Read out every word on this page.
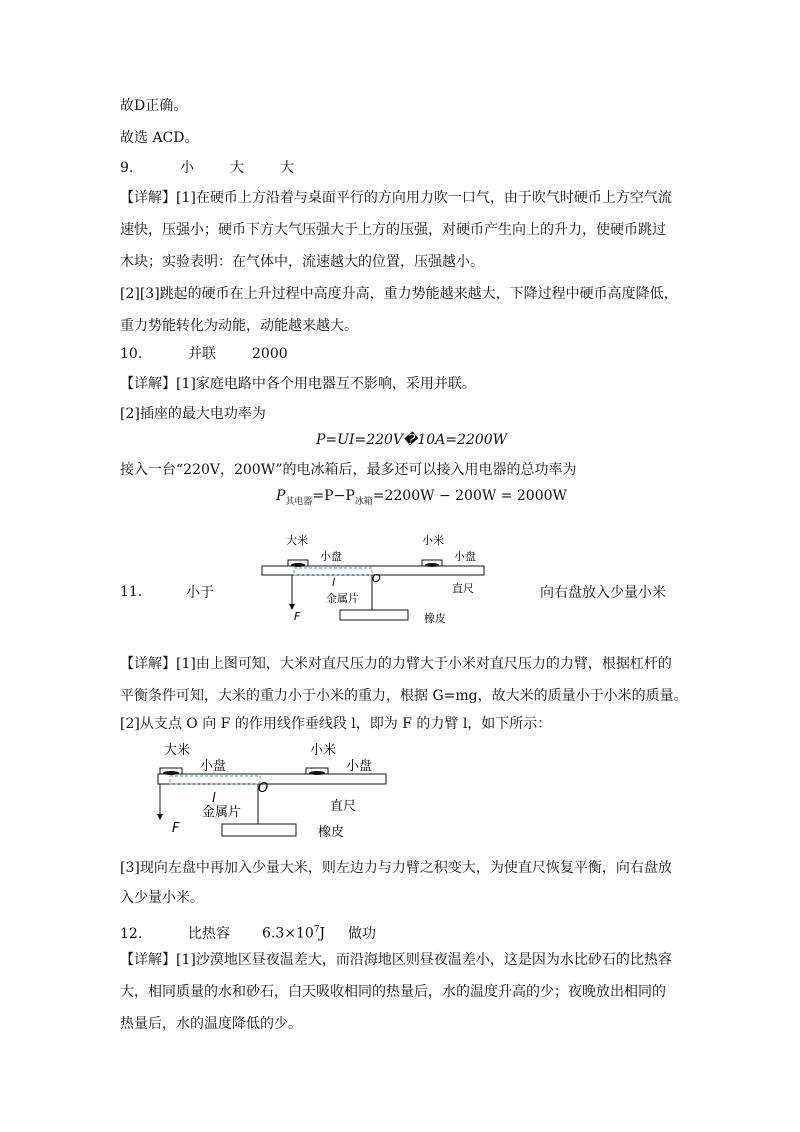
故D正确。
故选 ACD。
9.	小	大	大
【详解】[1]在硬币上方沿着与桌面平行的方向用力吹一口气，由于吹气时硬币上方空气流
速快，压强小；硬币下方大气压强大于上方的压强，对硬币产生向上的升力，使硬币跳过
木块；实验表明：在气体中，流速越大的位置，压强越小。
[2][3]跳起的硬币在上升过程中高度升高，重力势能越来越大，下降过程中硬币高度降低，
重力势能转化为动能，动能越来越大。
10.	并联	2000
【详解】[1]家庭电路中各个用电器互不影响，采用并联。
[2]插座的最大电功率为
P=UI=220V�10A=2200W
接入一台“220V，200W”的电冰箱后，最多还可以接入用电器的总功率为
$P_{其电器}=P-P_{冰箱}=2200W - 200W = 2000W$
11.	小于	向右盘放入少量小米
大米
小盘
小米
小盘
l	O
金属片
直尺
橡皮
F
【详解】[1]由上图可知，大米对直尺压力的力臂大于小米对直尺压力的力臂，根据杠杆的
平衡条件可知，大米的重力小于小米的重力，根据 G=mg，故大米的质量小于小米的质量。
[2]从支点 O 向 F 的作用线作垂线段 l，即为 F 的力臂 l，如下所示：
大米
小盘
小米
小盘
l
O
金属片	直尺
橡皮
F
[3]现向左盘中再加入少量大米，则左边力与力臂之积变大，为使直尺恢复平衡，向右盘放
入少量小米。
12.	比热容 $6.3\times 10^7J$ 做功
【详解】[1]沙漠地区昼夜温差大，而沿海地区则昼夜温差小，这是因为水比砂石的比热容
大，相同质量的水和砂石，白天吸收相同的热量后，水的温度升高的少；夜晚放出相同的
热量后，水的温度降低的少。
